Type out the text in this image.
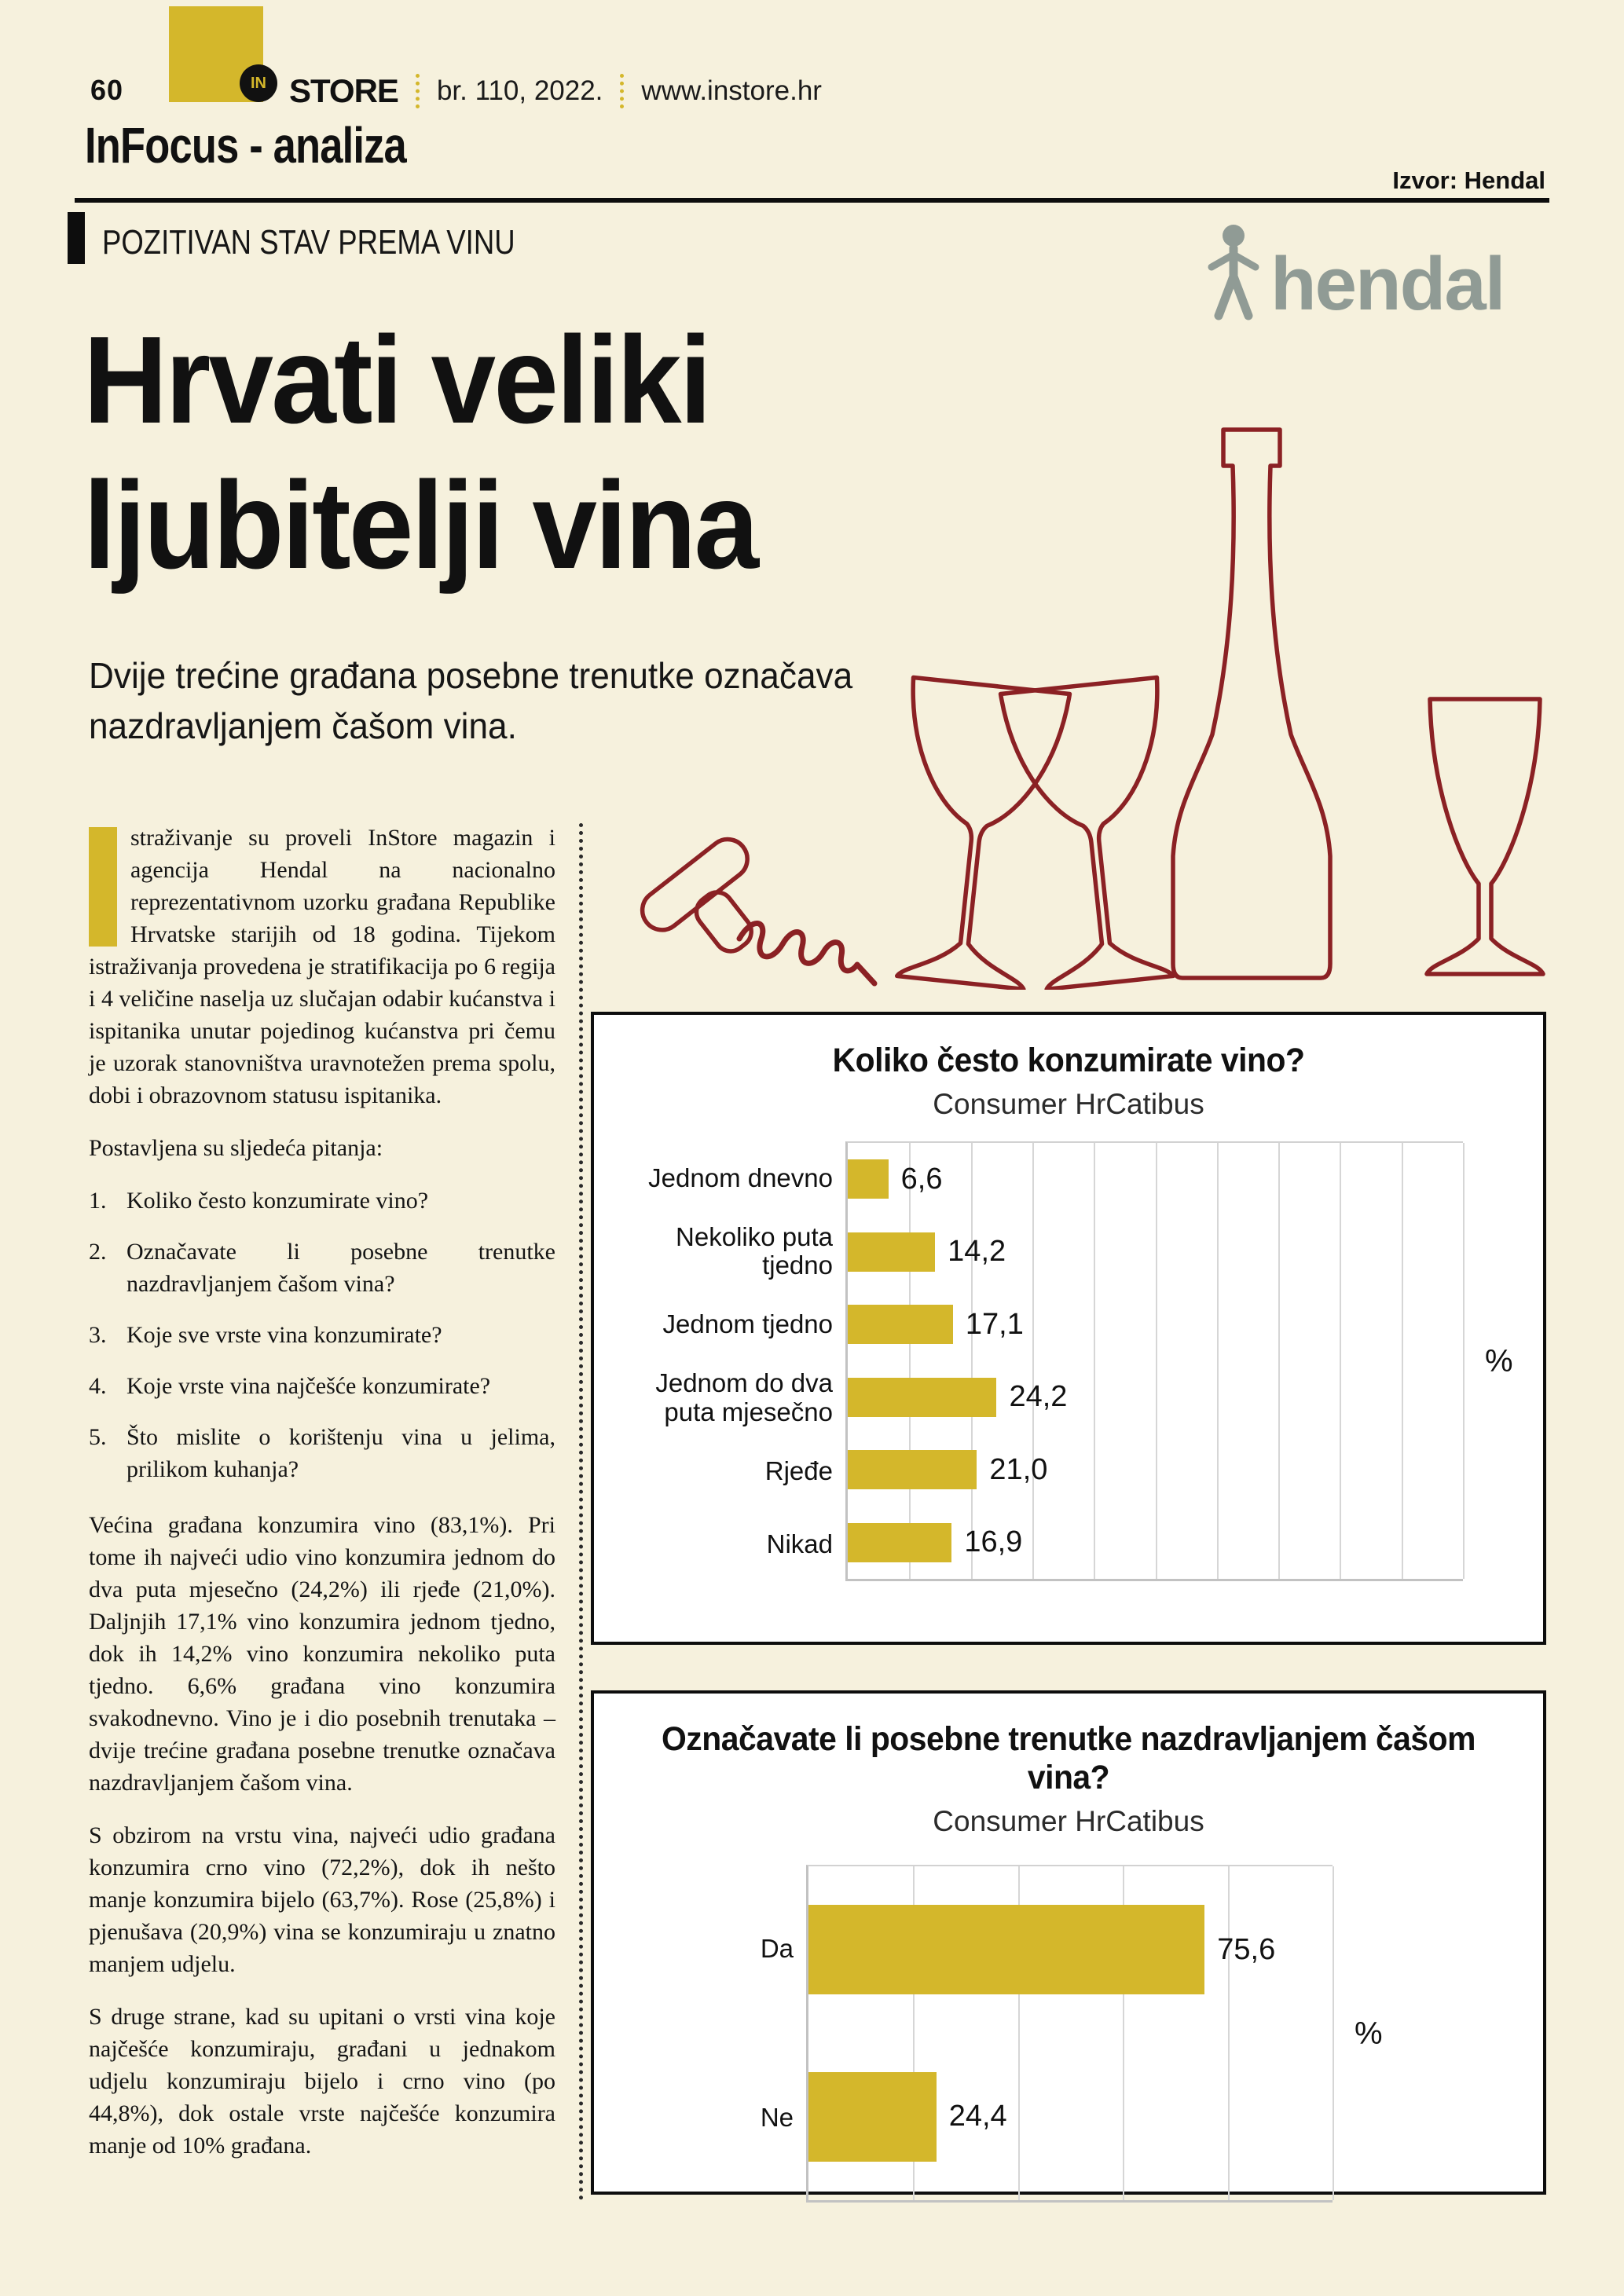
60	IN STORE br. 110, 2022. www.instore.hr
InFocus - analiza
Izvor: Hendal
POZITIVAN STAV PREMA VINU	hendal
Hrvati veliki
ljubitelji vina
Dvije trećine građana posebne trenutke označava nazdravljanjem čašom vina.

straživanje su proveli InStore magazin i agencija Hendal na nacionalno reprezentativnom uzorku građana Republike Hrvatske starijih od 18 godina. Tijekom istraživanja provedena je stratifikacija po 6 regija i 4 veličine naselja uz slučajan odabir kućanstva i ispitanika unutar pojedinog kućanstva pri čemu je uzorak stanovništva uravnotežen prema spolu, dobi i obrazovnom statusu ispitanika.

Postavljena su sljedeća pitanja:

1. Koliko često konzumirate vino?
2. Označavate li posebne trenutke nazdravljanjem čašom vina?
3. Koje sve vrste vina konzumirate?
4. Koje vrste vina najčešće konzumirate?
5. Što mislite o korištenju vina u jelima, prilikom kuhanja?

Većina građana konzumira vino (83,1%). Pri tome ih najveći udio vino konzumira jednom do dva puta mjesečno (24,2%) ili rjeđe (21,0%). Daljnjih 17,1% vino konzumira jednom tjedno, dok ih 14,2% vino konzumira nekoliko puta tjedno. 6,6% građana vino konzumira svakodnevno. Vino je i dio posebnih trenutaka – dvije trećine građana posebne trenutke označava nazdravljanjem čašom vina.

S obzirom na vrstu vina, najveći udio građana konzumira crno vino (72,2%), dok ih nešto manje konzumira bijelo (63,7%). Rose (25,8%) i pjenušava (20,9%) vina se konzumiraju u znatno manjem udjelu.

S druge strane, kad su upitani o vrsti vina koje najčešće konzumiraju, građani u jednakom udjelu konzumiraju bijelo i crno vino (po 44,8%), dok ostale vrste najčešće konzumira manje od 10% građana.

Koliko često konzumirate vino?
Consumer HrCatibus
Jednom dnevno
Nekoliko puta tjedno
Jednom tjedno
Jednom do dva puta mjesečno
Rjeđe
Nikad
6,6
14,2
17,1
24,2
21,0
16,9
%
Označavate li posebne trenutke nazdravljanjem čašom vina?
Consumer HrCatibus
Da
Ne
75,6
24,4
%
